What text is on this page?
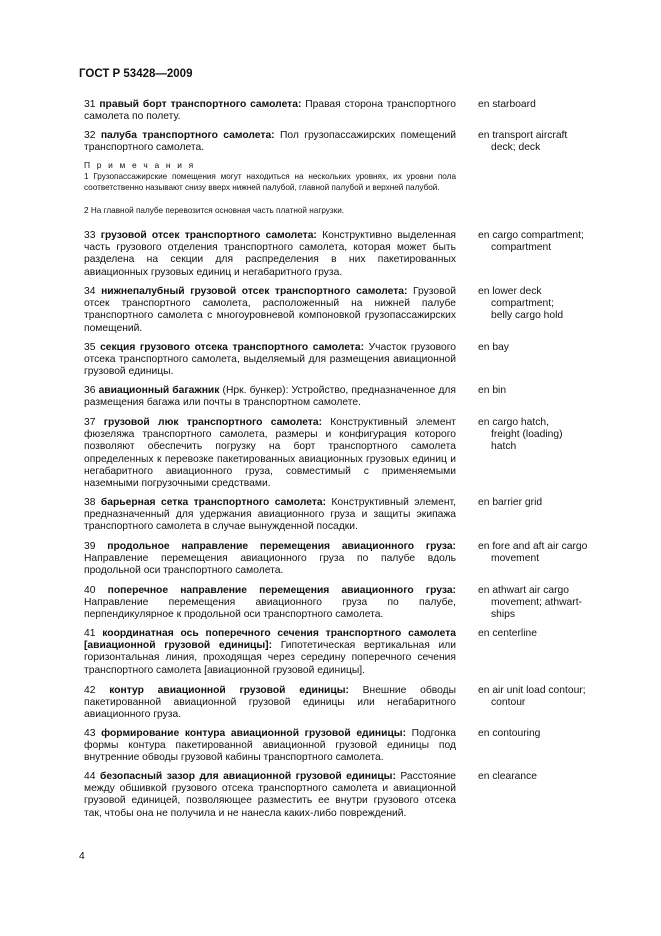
ГОСТ Р 53428—2009
31 правый борт транспортного самолета: Правая сторона транспортного самолета по полету.
en starboard
32 палуба транспортного самолета: Пол грузопассажирских помещений транспортного самолета.
en transport aircraft
deck; deck
П р и м е ч а н и я
1 Грузопассажирские помещения могут находиться на нескольких уровнях, их уровни пола соответственно называют снизу вверх нижней палубой, главной палубой и верхней палубой.
2 На главной палубе перевозится основная часть платной нагрузки.
33 грузовой отсек транспортного самолета: Конструктивно выделенная часть грузового отделения транспортного самолета, которая может быть разделена на секции для распределения в них пакетированных авиационных грузовых единиц и негабаритного груза.
en cargo compartment;
compartment
34 нижнепалубный грузовой отсек транспортного самолета: Грузовой отсек транспортного самолета, расположенный на нижней палубе транспортного самолета с многоуровневой компоновкой грузопассажирских помещений.
en lower deck
compartment;
belly cargo hold
35 секция грузового отсека транспортного самолета: Участок грузового отсека транспортного самолета, выделяемый для размещения авиационной грузовой единицы.
en bay
36 авиационный багажник (Нрк. бункер): Устройство, предназначенное для размещения багажа или почты в транспортном самолете.
en bin
37 грузовой люк транспортного самолета: Конструктивный элемент фюзеляжа транспортного самолета, размеры и конфигурация которого позволяют обеспечить погрузку на борт транспортного самолета определенных к перевозке пакетированных авиационных грузовых единиц и негабаритного авиационного груза, совместимый с применяемыми наземными погрузочными средствами.
en cargo hatch,
freight (loading)
hatch
38 барьерная сетка транспортного самолета: Конструктивный элемент, предназначенный для удержания авиационного груза и защиты экипажа транспортного самолета в случае вынужденной посадки.
en barrier grid
39 продольное направление перемещения авиационного груза: Направление перемещения авиационного груза по палубе вдоль продольной оси транспортного самолета.
en fore and aft air cargo
movement
40 поперечное направление перемещения авиационного груза: Направление перемещения авиационного груза по палубе, перпендикулярное к продольной оси транспортного самолета.
en athwart air cargo
movement; athwart-
ships
41 координатная ось поперечного сечения транспортного самолета [авиационной грузовой единицы]: Гипотетическая вертикальная или горизонтальная линия, проходящая через середину поперечного сечения транспортного самолета [авиационной грузовой единицы].
en centerline
42 контур авиационной грузовой единицы: Внешние обводы пакетированной авиационной грузовой единицы или негабаритного авиационного груза.
en air unit load contour;
contour
43 формирование контура авиационной грузовой единицы: Подгонка формы контура пакетированной авиационной грузовой единицы под внутренние обводы грузовой кабины транспортного самолета.
en contouring
44 безопасный зазор для авиационной грузовой единицы: Расстояние между обшивкой грузового отсека транспортного самолета и авиационной грузовой единицей, позволяющее разместить ее внутри грузового отсека так, чтобы она не получила и не нанесла каких-либо повреждений.
en clearance
4
